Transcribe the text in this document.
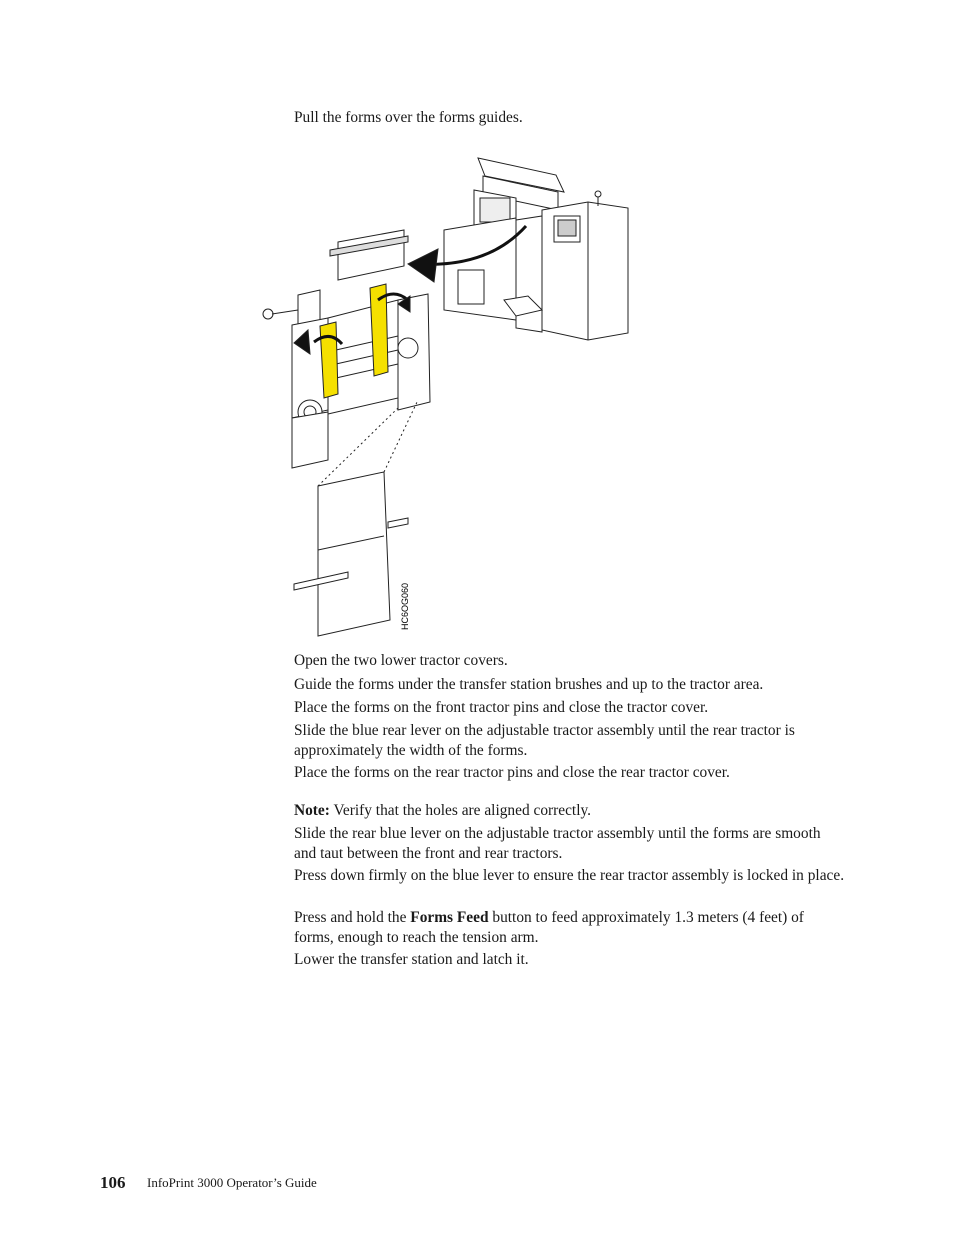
Pull the forms over the forms guides.

HC6OG060

Open the two lower tractor covers.

Guide the forms under the transfer station brushes and up to the tractor area.

Place the forms on the front tractor pins and close the tractor cover.

Slide the blue rear lever on the adjustable tractor assembly until the rear tractor is approximately the width of the forms.

Place the forms on the rear tractor pins and close the rear tractor cover.

Note: Verify that the holes are aligned correctly.

Slide the rear blue lever on the adjustable tractor assembly until the forms are smooth and taut between the front and rear tractors.

Press down firmly on the blue lever to ensure the rear tractor assembly is locked in place.

Press and hold the Forms Feed button to feed approximately 1.3 meters (4 feet) of forms, enough to reach the tension arm.

Lower the transfer station and latch it.

106 InfoPrint 3000 Operator’s Guide
